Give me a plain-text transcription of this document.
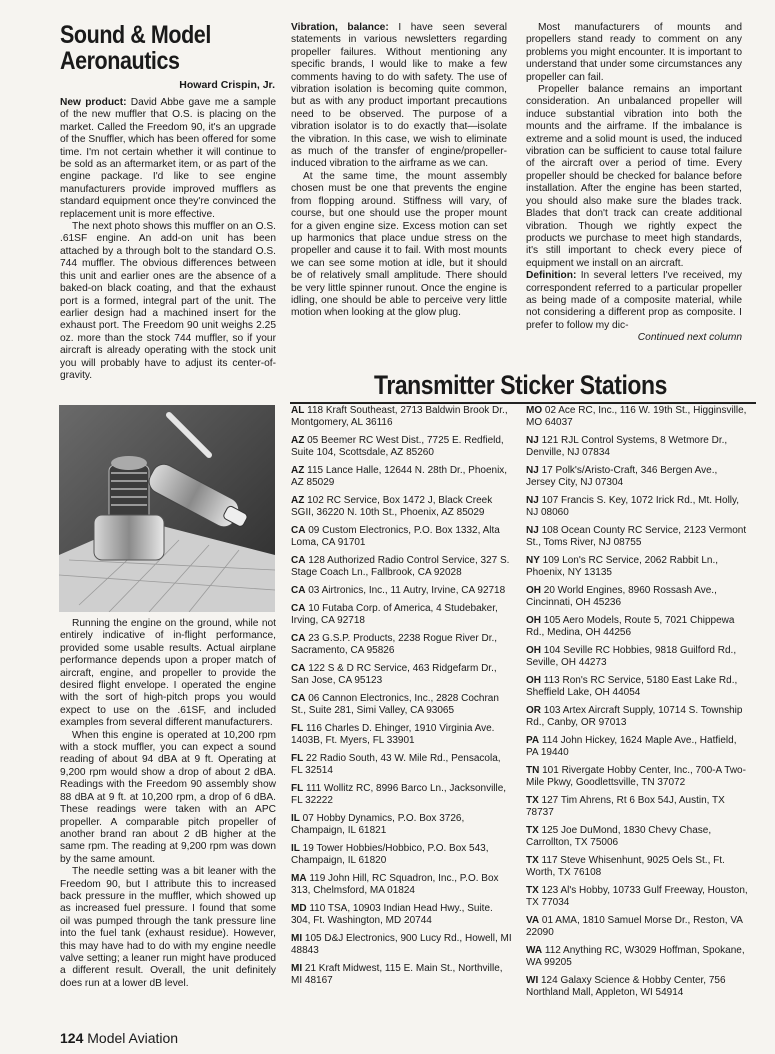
Sound & Model Aeronautics
Howard Crispin, Jr.

New product: David Abbe gave me a sample of the new muffler that O.S. is placing on the market. Called the Freedom 90, it's an upgrade of the Snuffler, which has been offered for some time. I'm not certain whether it will continue to be sold as an aftermarket item, or as part of the engine package. I'd like to see engine manufacturers provide improved mufflers as standard equipment once they're convinced the replacement unit is more effective.

The next photo shows this muffler on an O.S. .61SF engine. An add-on unit has been attached by a through bolt to the standard O.S. 744 muffler. The obvious differences between this unit and earlier ones are the absence of a baked-on black coating, and that the exhaust port is a formed, integral part of the unit. The earlier design had a machined insert for the exhaust port. The Freedom 90 unit weighs 2.25 oz. more than the stock 744 muffler, so if your aircraft is already operating with the stock unit you will probably have to adjust its center-of-gravity.

Running the engine on the ground, while not entirely indicative of in-flight performance, provided some usable results. Actual airplane performance depends upon a proper match of aircraft, engine, and propeller to provide the desired flight envelope. I operated the engine with the sort of high-pitch props you would expect to use on the .61SF, and included examples from several different manufacturers.

When this engine is operated at 10,200 rpm with a stock muffler, you can expect a sound reading of about 94 dBA at 9 ft. Operating at 9,200 rpm would show a drop of about 2 dBA. Readings with the Freedom 90 assembly show 88 dBA at 9 ft. at 10,200 rpm, a drop of 6 dBA. These readings were taken with an APC propeller. A comparable pitch propeller of another brand ran about 2 dB higher at the same rpm. The reading at 9,200 rpm was down by the same amount.

The needle setting was a bit leaner with the Freedom 90, but I attribute this to increased back pressure in the muffler, which showed up as increased fuel pressure. I found that some oil was pumped through the tank pressure line into the fuel tank (exhaust residue). However, this may have had to do with my engine needle valve setting; a leaner run might have produced a different result. Overall, the unit definitely does run at a lower dB level.

Vibration, balance: I have seen several statements in various newsletters regarding propeller failures. Without mentioning any specific brands, I would like to make a few comments having to do with safety. The use of vibration isolation is becoming quite common, but as with any product important precautions need to be observed. The purpose of a vibration isolator is to do exactly that—isolate the vibration. In this case, we wish to eliminate as much of the transfer of engine/propeller-induced vibration to the airframe as we can.

At the same time, the mount assembly chosen must be one that prevents the engine from flopping around. Stiffness will vary, of course, but one should use the proper mount for a given engine size. Excess motion can set up harmonics that place undue stress on the propeller and cause it to fail. With most mounts we can see some motion at idle, but it should be of relatively small amplitude. There should be very little spinner runout. Once the engine is idling, one should be able to perceive very little motion when looking at the glow plug.

Most manufacturers of mounts and propellers stand ready to comment on any problems you might encounter. It is important to understand that under some circumstances any propeller can fail.

Propeller balance remains an important consideration. An unbalanced propeller will induce substantial vibration into both the mounts and the airframe. If the imbalance is extreme and a solid mount is used, the induced vibration can be sufficient to cause total failure of the aircraft over a period of time. Every propeller should be checked for balance before installation. After the engine has been started, you should also make sure the blades track. Blades that don't track can create additional vibration. Though we rightly expect the products we purchase to meet high standards, it's still important to check every piece of equipment we install on an aircraft.

Definition: In several letters I've received, my correspondent referred to a particular propeller as being made of a composite material, while not considering a different prop as composite. I prefer to follow my dic-

Continued next column

Transmitter Sticker Stations

AL 118 Kraft Southeast, 2713 Baldwin Brook Dr., Montgomery, AL 36116

AZ 05 Beemer RC West Dist., 7725 E. Redfield, Suite 104, Scottsdale, AZ 85260

AZ 115 Lance Halle, 12644 N. 28th Dr., Phoenix, AZ 85029

AZ 102 RC Service, Box 1472 J, Black Creek SGII, 36220 N. 10th St., Phoenix, AZ 85029

CA 09 Custom Electronics, P.O. Box 1332, Alta Loma, CA 91701

CA 128 Authorized Radio Control Service, 327 S. Stage Coach Ln., Fallbrook, CA 92028

CA 03 Airtronics, Inc., 11 Autry, Irvine, CA 92718

CA 10 Futaba Corp. of America, 4 Studebaker, Irving, CA 92718

CA 23 G.S.P. Products, 2238 Rogue River Dr., Sacramento, CA 95826

CA 122 S & D RC Service, 463 Ridgefarm Dr., San Jose, CA 95123

CA 06 Cannon Electronics, Inc., 2828 Cochran St., Suite 281, Simi Valley, CA 93065

FL 116 Charles D. Ehinger, 1910 Virginia Ave. 1403B, Ft. Myers, FL 33901

FL 22 Radio South, 43 W. Mile Rd., Pensacola, FL 32514

FL 111 Wollitz RC, 8996 Barco Ln., Jacksonville, FL 32222

IL 07 Hobby Dynamics, P.O. Box 3726, Champaign, IL 61821

IL 19 Tower Hobbies/Hobbico, P.O. Box 543, Champaign, IL 61820

MA 119 John Hill, RC Squadron, Inc., P.O. Box 313, Chelmsford, MA 01824

MD 110 TSA, 10903 Indian Head Hwy., Suite. 304, Ft. Washington, MD 20744

MI 105 D&J Electronics, 900 Lucy Rd., Howell, MI 48843

MI 21 Kraft Midwest, 115 E. Main St., Northville, MI 48167

MO 02 Ace RC, Inc., 116 W. 19th St., Higginsville, MO 64037

NJ 121 RJL Control Systems, 8 Wetmore Dr., Denville, NJ 07834

NJ 17 Polk's/Aristo-Craft, 346 Bergen Ave., Jersey City, NJ 07304

NJ 107 Francis S. Key, 1072 Irick Rd., Mt. Holly, NJ 08060

NJ 108 Ocean County RC Service, 2123 Vermont St., Toms River, NJ 08755

NY 109 Lon's RC Service, 2062 Rabbit Ln., Phoenix, NY 13135

OH 20 World Engines, 8960 Rossash Ave., Cincinnati, OH 45236

OH 105 Aero Models, Route 5, 7021 Chippewa Rd., Medina, OH 44256

OH 104 Seville RC Hobbies, 9818 Guilford Rd., Seville, OH 44273

OH 113 Ron's RC Service, 5180 East Lake Rd., Sheffield Lake, OH 44054

OR 103 Artex Aircraft Supply, 10714 S. Township Rd., Canby, OR 97013

PA 114 John Hickey, 1624 Maple Ave., Hatfield, PA 19440

TN 101 Rivergate Hobby Center, Inc., 700-A Two-Mile Pkwy, Goodlettsville, TN 37072

TX 127 Tim Ahrens, Rt 6 Box 54J, Austin, TX 78737

TX 125 Joe DuMond, 1830 Chevy Chase, Carrollton, TX 75006

TX 117 Steve Whisenhunt, 9025 Oels St., Ft. Worth, TX 76108

TX 123 Al's Hobby, 10733 Gulf Freeway, Houston, TX 77034

VA 01 AMA, 1810 Samuel Morse Dr., Reston, VA 22090

WA 112 Anything RC, W3029 Hoffman, Spokane, WA 99205

WI 124 Galaxy Science & Hobby Center, 756 Northland Mall, Appleton, WI 54914

124 Model Aviation
